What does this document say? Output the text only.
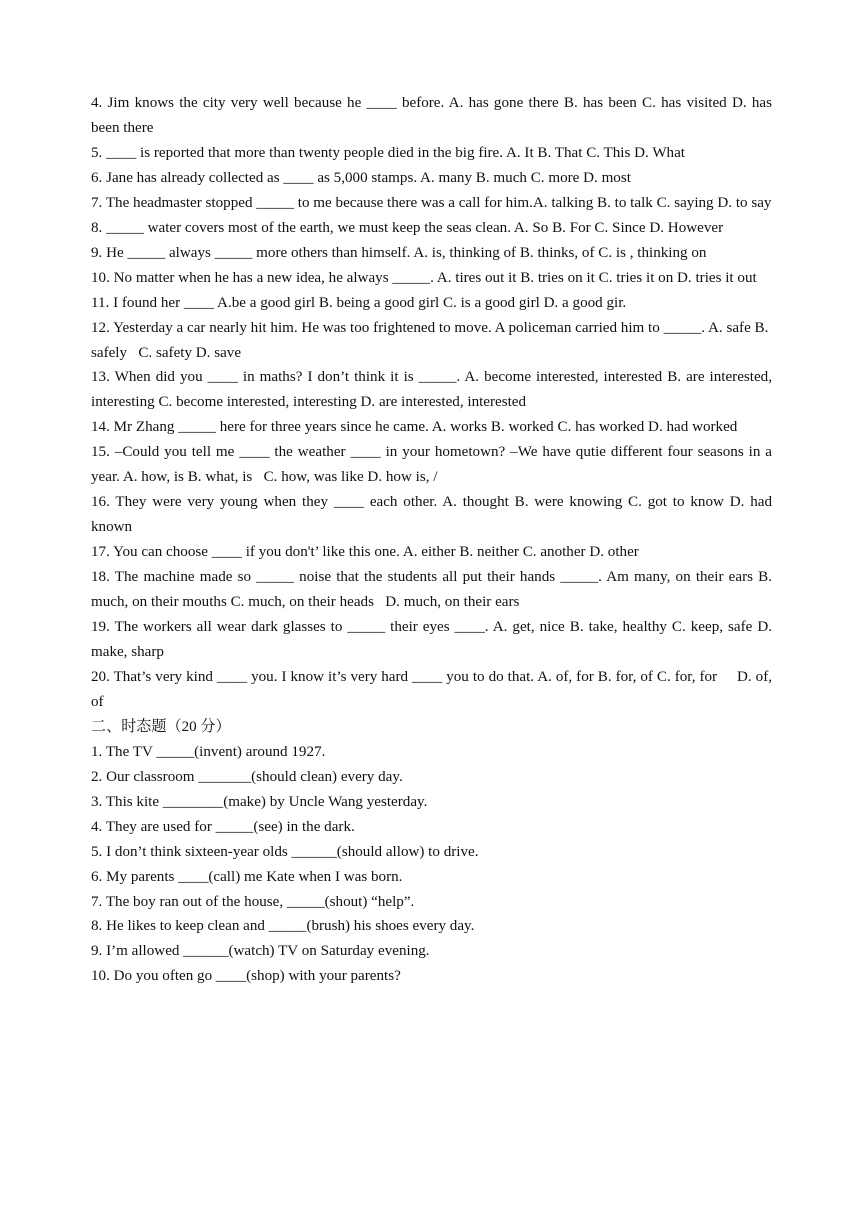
4. Jim knows the city very well because he ____ before. A. has gone there B. has been C. has visited D. has been there

5. ____ is reported that more than twenty people died in the big fire. A. It B. That C. This D. What

6. Jane has already collected as ____ as 5,000 stamps. A. many B. much C. more D. most

7. The headmaster stopped _____ to me because there was a call for him.A. talking B. to talk C. saying D. to say

8. _____ water covers most of the earth, we must keep the seas clean. A. So B. For C. Since D. However

9. He _____ always _____ more others than himself. A. is, thinking of B. thinks, of C. is , thinking on

10. No matter when he has a new idea, he always _____. A. tires out it B. tries on it C. tries it on D. tries it out

11. I found her ____ A.be a good girl B. being a good girl C. is a good girl D. a good gir.

12. Yesterday a car nearly hit him. He was too frightened to move. A policeman carried him to _____. A. safe B. safely   C. safety D. save

13. When did you ____ in maths? I don’t think it is _____. A. become interested, interested B. are interested, interesting C. become interested, interesting D. are interested, interested

14. Mr Zhang _____ here for three years since he came. A. works B. worked C. has worked D. had worked

15. –Could you tell me ____ the weather ____ in your hometown? –We have qutie different four seasons in a year. A. how, is B. what, is   C. how, was like D. how is, /

16. They were very young when they ____ each other. A. thought B. were knowing C. got to know D. had known

17. You can choose ____ if you don't’ like this one. A. either B. neither C. another D. other

18. The machine made so _____ noise that the students all put their hands _____. Am many, on their ears B. much, on their mouths C. much, on their heads   D. much, on their ears

19. The workers all wear dark glasses to _____ their eyes ____. A. get, nice B. take, healthy C. keep, safe D. make, sharp

20. That’s very kind ____ you. I know it’s very hard ____ you to do that. A. of, for B. for, of C. for, for     D. of, of

二、时态题（20 分）

1. The TV _____(invent) around 1927.

2. Our classroom _______(should clean) every day.

3. This kite ________(make) by Uncle Wang yesterday.

4. They are used for _____(see) in the dark.

5. I don’t think sixteen-year olds ______(should allow) to drive.

6. My parents ____(call) me Kate when I was born.

7. The boy ran out of the house, _____(shout) “help”.

8. He likes to keep clean and _____(brush) his shoes every day.

9. I’m allowed ______(watch) TV on Saturday evening.

10. Do you often go ____(shop) with your parents?
